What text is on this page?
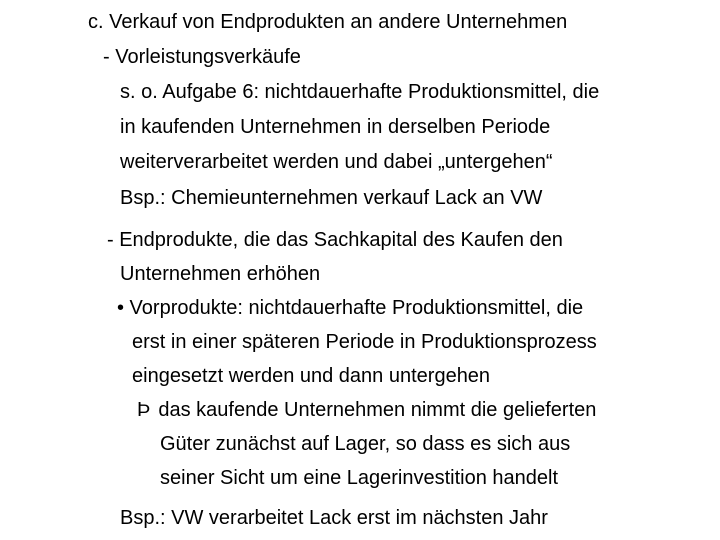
c. Verkauf von Endprodukten an andere Unternehmen
- Vorleistungsverkäufe
s. o. Aufgabe 6: nichtdauerhafte Produktionsmittel, die
in kaufenden Unternehmen in derselben Periode
weiterverarbeitet werden und dabei „untergehen“
Bsp.: Chemieunternehmen verkauf Lack an VW
- Endprodukte, die das Sachkapital des Kaufen den
Unternehmen erhöhen
• Vorprodukte: nichtdauerhafte Produktionsmittel, die
erst in einer späteren Periode in Produktionsprozess
eingesetzt werden und dann untergehen
Þ das kaufende Unternehmen nimmt die gelieferten
Güter zunächst auf Lager, so dass es sich aus
seiner Sicht um eine Lagerinvestition handelt
Bsp.: VW verarbeitet Lack erst im nächsten Jahr
